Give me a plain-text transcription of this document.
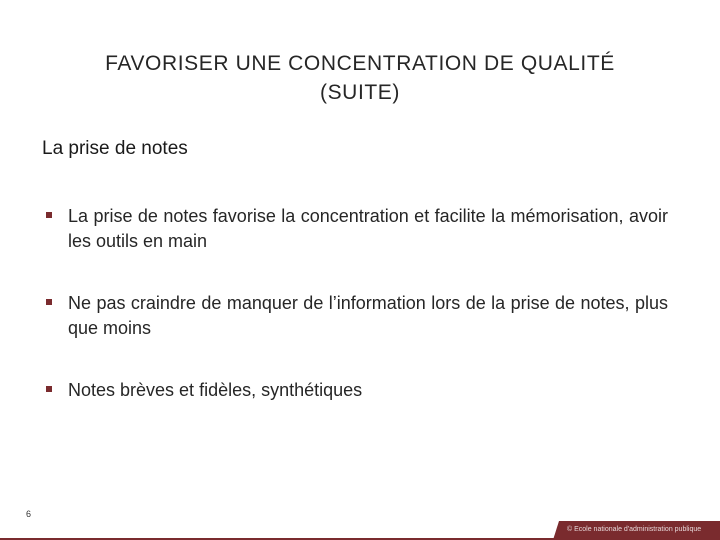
FAVORISER UNE CONCENTRATION DE QUALITÉ
(SUITE)
La prise de notes
La prise de notes favorise la concentration et facilite la mémorisation, avoir les outils en main
Ne pas craindre de manquer de l’information lors de la prise de notes, plus que moins
Notes brèves et fidèles, synthétiques
6
© Ecole nationale d'administration publique
